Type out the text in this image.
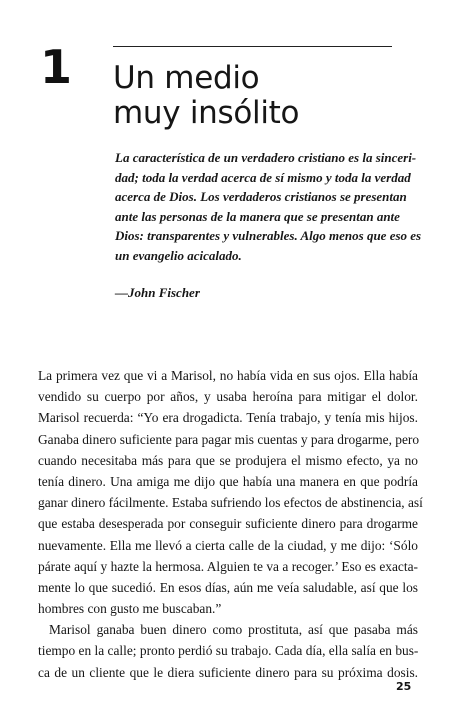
1 Un medio
muy insólito

La característica de un verdadero cristiano es la sinceri-

dad; toda la verdad acerca de sí mismo y toda la verdad

acerca de Dios. Los verdaderos cristianos se presentan

ante las personas de la manera que se presentan ante

Dios: transparentes y vulnerables. Algo menos que eso es

un evangelio acicalado.

—John Fischer
La primera vez que vi a Marisol, no había vida en sus ojos. Ella había
vendido su cuerpo por años, y usaba heroína para mitigar el dolor.
Marisol recuerda: “Yo era drogadicta. Tenía trabajo, y tenía mis hijos.
Ganaba dinero suficiente para pagar mis cuentas y para drogarme, pero
cuando necesitaba más para que se produjera el mismo efecto, ya no
tenía dinero. Una amiga me dijo que había una manera en que podría
ganar dinero fácilmente. Estaba sufriendo los efectos de abstinencia, así
que estaba desesperada por conseguir suficiente dinero para drogarme
nuevamente. Ella me llevó a cierta calle de la ciudad, y me dijo: ‘Sólo
párate aquí y hazte la hermosa. Alguien te va a recoger.’ Eso es exacta-
mente lo que sucedió. En esos días, aún me veía saludable, así que los
hombres con gusto me buscaban.”
Marisol ganaba buen dinero como prostituta, así que pasaba más
tiempo en la calle; pronto perdió su trabajo. Cada día, ella salía en bus-
ca de un cliente que le diera suficiente dinero para su próxima dosis.
25
